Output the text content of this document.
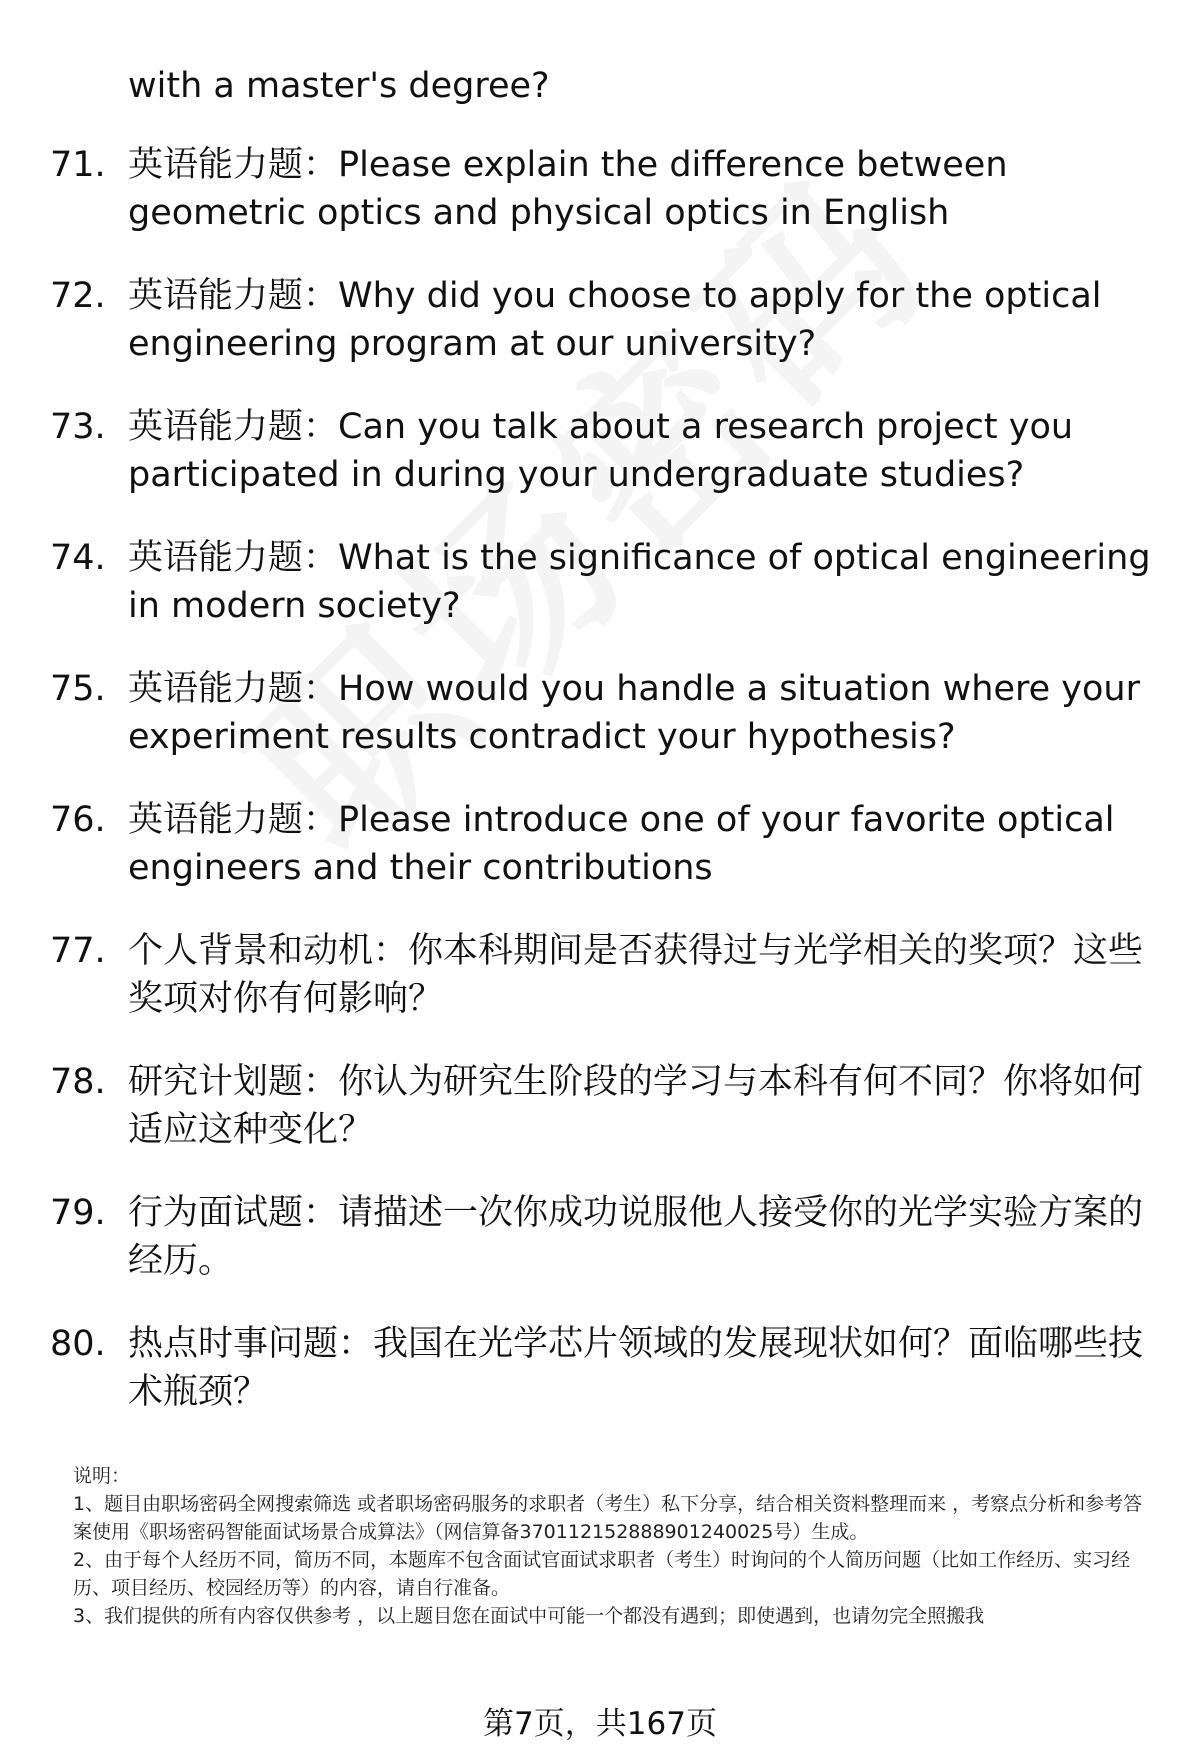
with a master's degree?

71. 英语能力题：Please explain the difference between geometric optics and physical optics in English
72. 英语能力题：Why did you choose to apply for the optical engineering program at our university?
73. 英语能力题：Can you talk about a research project you participated in during your undergraduate studies?
74. 英语能力题：What is the significance of optical engineering in modern society?
75. 英语能力题：How would you handle a situation where your experiment results contradict your hypothesis?
76. 英语能力题：Please introduce one of your favorite optical engineers and their contributions
77. 个人背景和动机：你本科期间是否获得过与光学相关的奖项？这些奖项对你有何影响？
78. 研究计划题：你认为研究生阶段的学习与本科有何不同？你将如何适应这种变化？
79. 行为面试题：请描述一次你成功说服他人接受你的光学实验方案的经历。
80. 热点时事问题：我国在光学芯片领域的发展现状如何？面临哪些技术瓶颈？

说明：

1、题目由职场密码全网搜索筛选 或者职场密码服务的求职者（考生）私下分享，结合相关资料整理而来 ，考察点分析和参考答案使用《职场密码智能面试场景合成算法》（网信算备370112152888901240025号）生成。

2、由于每个人经历不同，简历不同，本题库不包含面试官面试求职者（考生）时询问的个人简历问题（比如工作经历、实习经历、项目经历、校园经历等）的内容，请自行准备。

3、我们提供的所有内容仅供参考 ，以上题目您在面试中可能一个都没有遇到；即使遇到，也请勿完全照搬我

第7页，共167页
